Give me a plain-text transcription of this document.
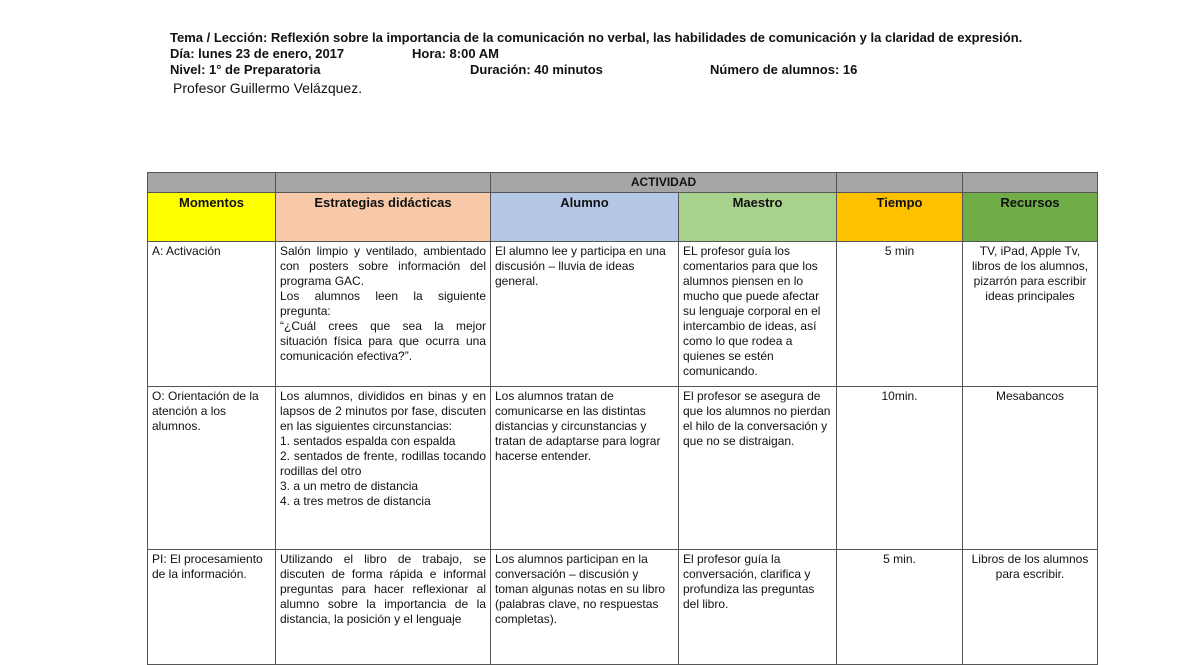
Tema / Lección: Reflexión sobre la importancia de la comunicación no verbal, las habilidades de comunicación y la claridad de expresión.
Día: lunes 23 de enero, 2017	Hora: 8:00 AM
Nivel: 1° de Preparatoria	Duración: 40 minutos	Número de alumnos: 16
Profesor Guillermo Velázquez.
		ACTIVIDAD			
Momentos	Estrategias didácticas	Alumno	Maestro	Tiempo	Recursos
A: Activación	Salón limpio y ventilado, ambientado con posters sobre información del programa GAC.
Los alumnos leen la siguiente pregunta:
“¿Cuál crees que sea la mejor situación física para que ocurra una comunicación efectiva?”.	El alumno lee y participa en una discusión – lluvia de ideas general.	EL profesor guía los comentarios para que los alumnos piensen en lo mucho que puede afectar su lenguaje corporal en el intercambio de ideas, así como lo que rodea a quienes se estén comunicando.	5 min	TV, iPad, Apple Tv, libros de los alumnos, pizarrón para escribir ideas principales
O: Orientación de la atención a los alumnos.	Los alumnos, divididos en binas y en lapsos de 2 minutos por fase, discuten en las siguientes circunstancias:
1. sentados espalda con espalda
2. sentados de frente, rodillas tocando rodillas del otro
3. a un metro de distancia
4. a tres metros de distancia	Los alumnos tratan de comunicarse en las distintas distancias y circunstancias y tratan de adaptarse para lograr hacerse entender.	El profesor se asegura de que los alumnos no pierdan el hilo de la conversación y que no se distraigan.	10min.	Mesabancos
PI: El procesamiento de la información.	Utilizando el libro de trabajo, se discuten de forma rápida e informal preguntas para hacer reflexionar al alumno sobre la importancia de la distancia, la posición y el lenguaje	Los alumnos participan en la conversación – discusión y toman algunas notas en su libro (palabras clave, no respuestas completas).	El profesor guía la conversación, clarifica y profundiza las preguntas del libro.	5 min.	Libros de los alumnos para escribir.
